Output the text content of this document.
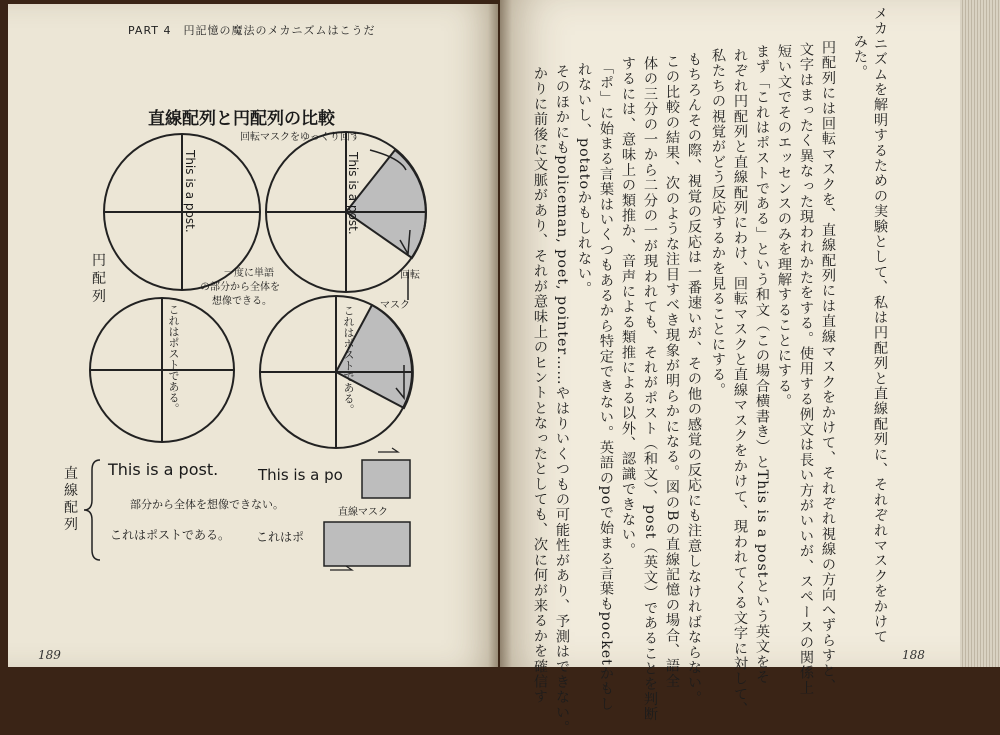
PART 4　円記憶の魔法のメカニズムはこうだ
直線配列と円配列の比較
回転マスクをゆっくり回す
円配列
一度に単語
の部分から全体を
想像できる。
回転
マスク
This is a post.	This is a post.
これはポストである。	これはポストである。
直線配列
This is a post.	This is a po
部分から全体を想像できない。
直線マスク
これはポストである。 これはポ
189	188
みた。 メカニズムを解明するための実験として、私は円配列と直線配列に、それぞれマスクをかけて
円配列には回転マスクを、直線配列には直線マスクをかけて、それぞれ視線の方向へずらすと、
文字はまったく異なった現われかたをする。使用する例文は長い方がいいが、スペースの関係上
短い文でそのエッセンスのみを理解することにする。
まず「これはポストである」という和文（この場合横書き）とThis is a postという英文をそ
れぞれ円配列と直線配列にわけ、回転マスクと直線マスクをかけて、現われてくる文字に対して、
私たちの視覚がどう反応するかを見ることにする。
もちろんその際、視覚の反応は一番速いが、その他の感覚の反応にも注意しなければならない。
この比較の結果、次のような注目すべき現象が明らかになる。図のBの直線記憶の場合、語全
体の三分の一から二分の一が現われても、それがポスト（和文）、post（英文）であることを判断
するには、意味上の類推か、音声による類推による以外、認識できない。
「ポ」に始まる言葉はいくつもあるから特定できない。英語のpoで始まる言葉もpocketかもし
れないし、potatoかもしれない。
そのほかにもpoliceman, poet, pointer……やはりいくつもの可能性があり、予測はできない。
かりに前後に文脈があり、それが意味上のヒントとなったとしても、次に何が来るかを確信す
